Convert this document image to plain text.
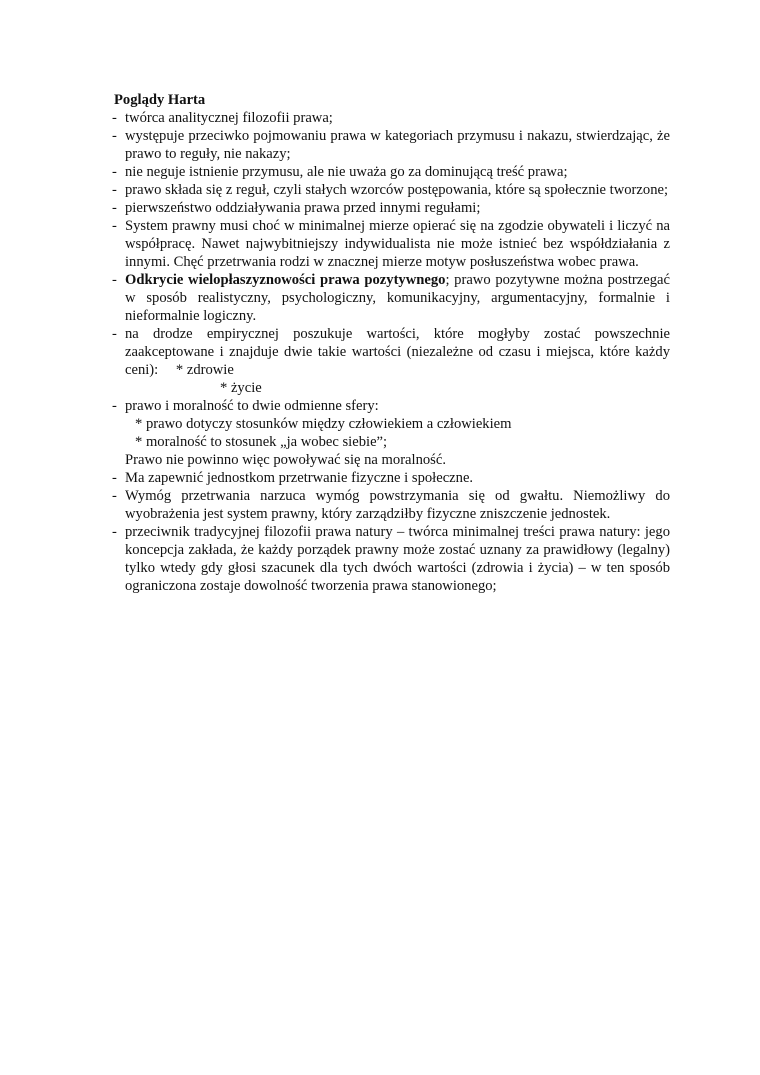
Poglądy Harta
- twórca analitycznej filozofii prawa;
- występuje przeciwko pojmowaniu prawa w kategoriach przymusu i nakazu, stwierdzając, że prawo to reguły, nie nakazy;
- nie neguje istnienie przymusu, ale nie uważa go za dominującą treść prawa;
- prawo składa się z reguł, czyli stałych wzorców postępowania, które są społecznie tworzone;
- pierwszeństwo oddziaływania prawa przed innymi regułami;
- System prawny musi choć w minimalnej mierze opierać się na zgodzie obywateli i liczyć na współpracę. Nawet najwybitniejszy indywidualista nie może istnieć bez współdziałania z innymi. Chęć przetrwania rodzi w znacznej mierze motyw posłuszeństwa wobec prawa.
- Odkrycie wielopłaszyznowości prawa pozytywnego; prawo pozytywne można postrzegać w sposób realistyczny, psychologiczny, komunikacyjny, argumentacyjny, formalnie i nieformalnie logiczny.
- na drodze empirycznej poszukuje wartości, które mogłyby zostać powszechnie zaakceptowane i znajduje dwie takie wartości (niezależne od czasu i miejsca, które każdy ceni): * zdrowie
* życie
- prawo i moralność to dwie odmienne sfery:
* prawo dotyczy stosunków między człowiekiem a człowiekiem
* moralność to stosunek „ja wobec siebie”;
Prawo nie powinno więc powoływać się na moralność.
- Ma zapewnić jednostkom przetrwanie fizyczne i społeczne.
- Wymóg przetrwania narzuca wymóg powstrzymania się od gwałtu. Niemożliwy do wyobrażenia jest system prawny, który zarządziłby fizyczne zniszczenie jednostek.
- przeciwnik tradycyjnej filozofii prawa natury – twórca minimalnej treści prawa natury: jego koncepcja zakłada, że każdy porządek prawny może zostać uznany za prawidłowy (legalny) tylko wtedy gdy głosi szacunek dla tych dwóch wartości (zdrowia i życia) – w ten sposób ograniczona zostaje dowolność tworzenia prawa stanowionego;
